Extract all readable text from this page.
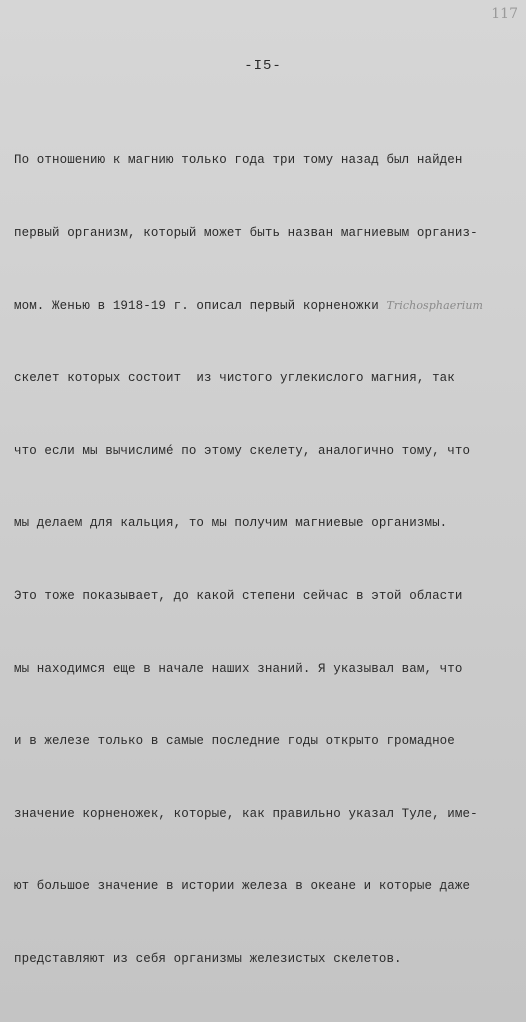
117
-I5-

По отношению к магнию только года три тому назад был найден

первый организм, который может быть назван магниевым организ-

мом. Женью в 1918-19 г. описал первый корненожки Trichosphaerium

скелет которых состоит  из чистого углекислого магния, так

что если мы вычислимé по этому скелету, аналогично тому, что

мы делаем для кальция, то мы получим магниевые организмы.

Это тоже показывает, до какой степени сейчас в этой области

мы находимся еще в начале наших знаний. Я указывал вам, что

и в железе только в самые последние годы открыто громадное

значение корненожек, которые, как правильно указал Туле, име-

ют большое значение в истории железа в океане и которые даже

представляют из себя организмы железистых скелетов.
